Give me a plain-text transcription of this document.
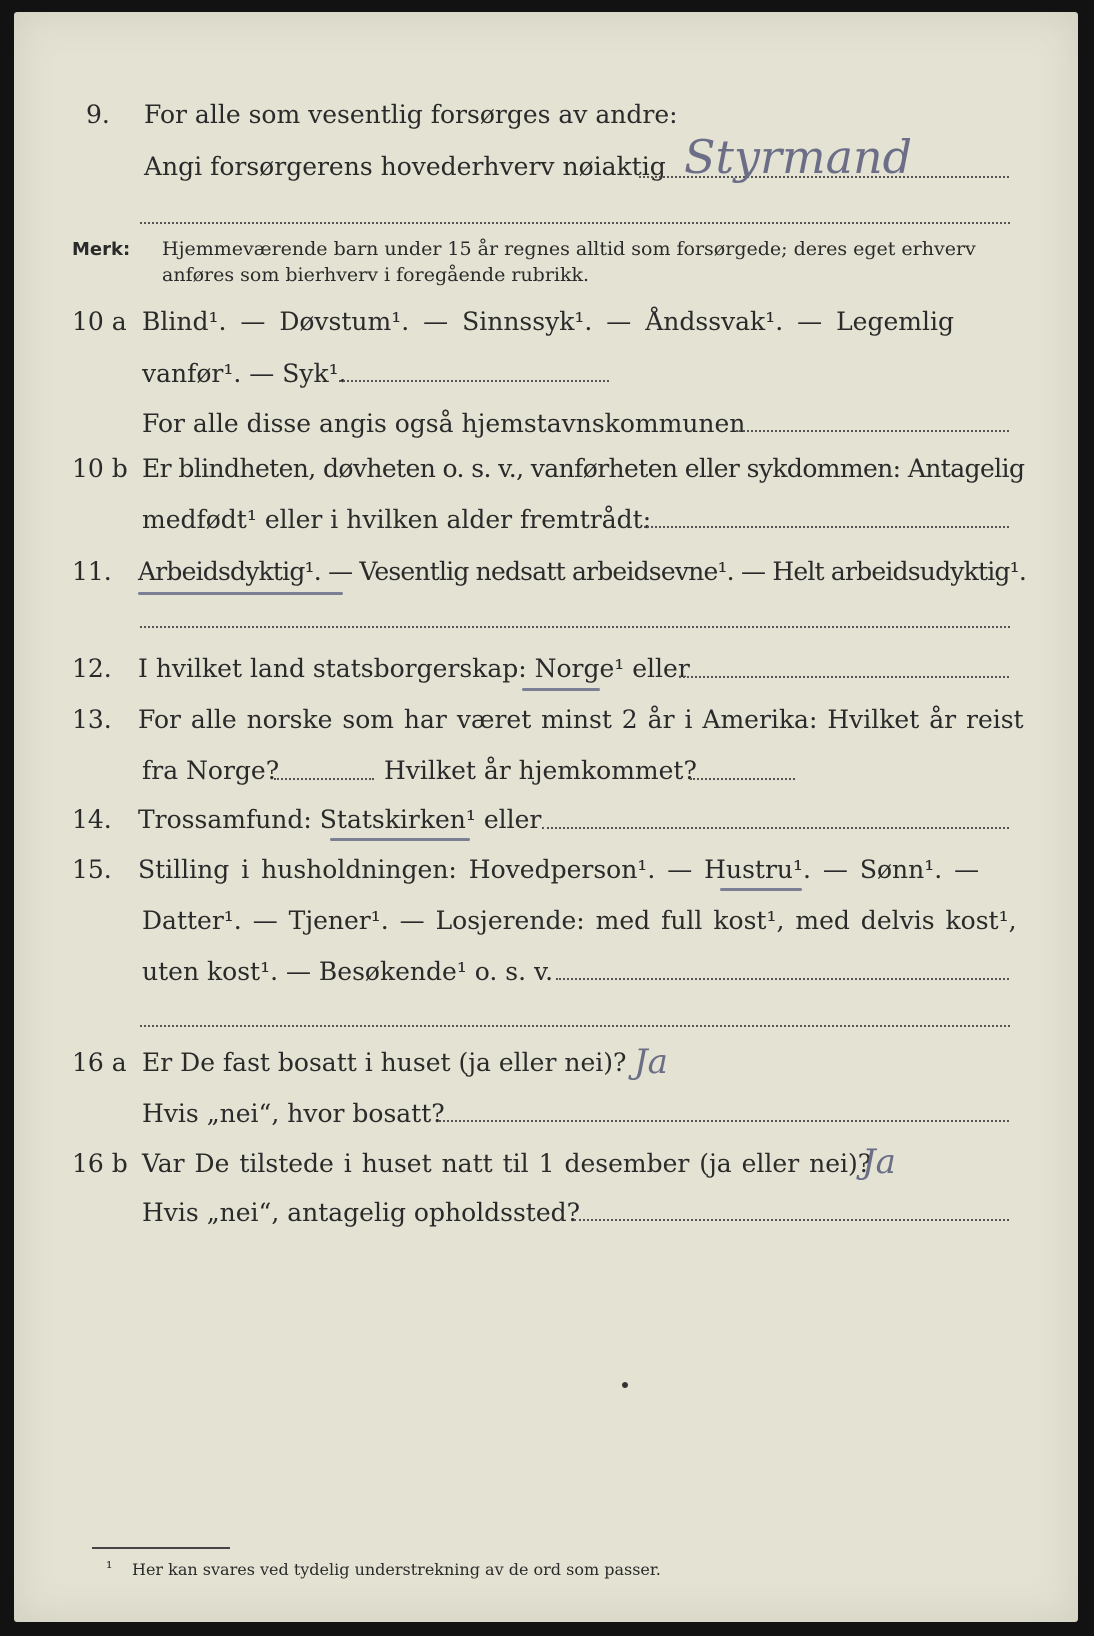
9. For alle som vesentlig forsørges av andre:
Angi forsørgerens hovederhverv nøiaktig Styrmand
Merk: Hjemmeværende barn under 15 år regnes alltid som forsørgede; deres eget erhverv
anføres som bierhverv i foregående rubrikk.
10 a Blind¹. — Døvstum¹. — Sinnssyk¹. — Åndssvak¹. — Legemlig
vanfør¹. — Syk¹.
For alle disse angis også hjemstavnskommunen
10 b Er blindheten, døvheten o. s. v., vanførheten eller sykdommen: Antagelig
medfødt¹ eller i hvilken alder fremtrådt:
11. Arbeidsdyktig¹. — Vesentlig nedsatt arbeidsevne¹. — Helt arbeidsudyktig¹.
12. I hvilket land statsborgerskap: Norge¹ eller
13. For alle norske som har været minst 2 år i Amerika: Hvilket år reist
fra Norge?	Hvilket år hjemkommet?
14. Trossamfund: Statskirken¹ eller
15. Stilling i husholdningen: Hovedperson¹. — Hustru¹. — Sønn¹. —
Datter¹. — Tjener¹. — Losjerende: med full kost¹, med delvis kost¹,
uten kost¹. — Besøkende¹ o. s. v.
16 a Er De fast bosatt i huset (ja eller nei)? Ja
Hvis „nei“, hvor bosatt?
16 b Var De tilstede i huset natt til 1 desember (ja eller nei)?
Ja
Hvis „nei“, antagelig opholdssted?
¹ Her kan svares ved tydelig understrekning av de ord som passer.
